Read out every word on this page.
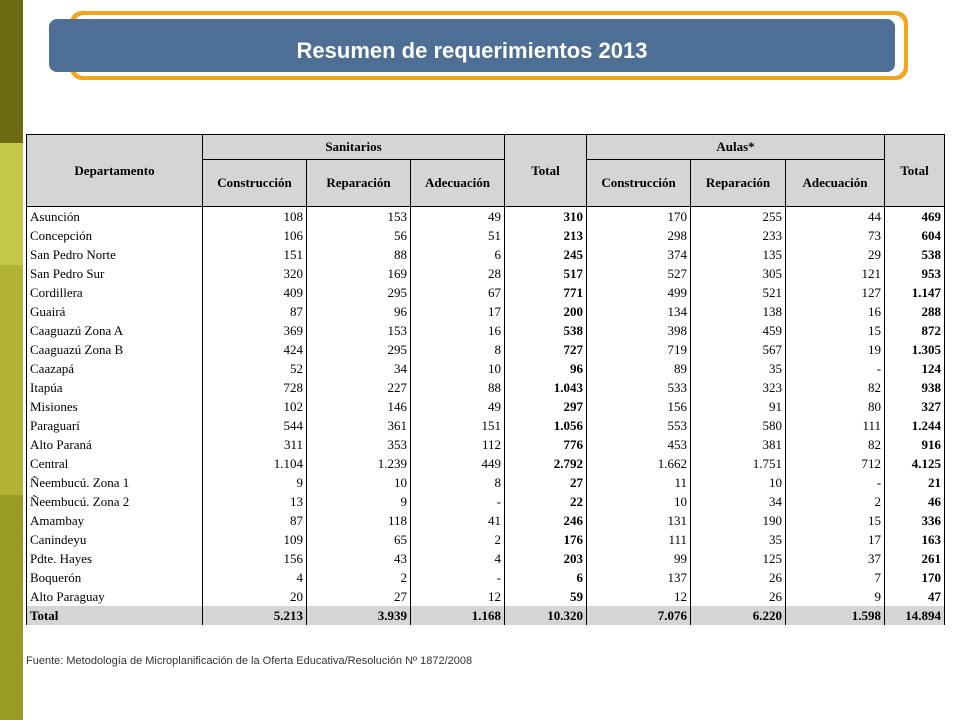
Resumen de requerimientos 2013
Departamento	Sanitarios			Total	Aulas*			Total
	Construcción	Reparación	Adecuación		Construcción	Reparación	Adecuación	
Asunción	108	153	49	310	170	255	44	469
Concepción	106	56	51	213	298	233	73	604
San Pedro Norte	151	88	6	245	374	135	29	538
San Pedro Sur	320	169	28	517	527	305	121	953
Cordillera	409	295	67	771	499	521	127	1.147
Guairá	87	96	17	200	134	138	16	288
Caaguazú Zona A	369	153	16	538	398	459	15	872
Caaguazú Zona B	424	295	8	727	719	567	19	1.305
Caazapá	52	34	10	96	89	35	-	124
Itapúa	728	227	88	1.043	533	323	82	938
Misiones	102	146	49	297	156	91	80	327
Paraguarí	544	361	151	1.056	553	580	111	1.244
Alto Paraná	311	353	112	776	453	381	82	916
Central	1.104	1.239	449	2.792	1.662	1.751	712	4.125
Ñeembucú. Zona 1	9	10	8	27	11	10	-	21
Ñeembucú. Zona 2	13	9	-	22	10	34	2	46
Amambay	87	118	41	246	131	190	15	336
Canindeyu	109	65	2	176	111	35	17	163
Pdte. Hayes	156	43	4	203	99	125	37	261
Boquerón	4	2	-	6	137	26	7	170
Alto Paraguay	20	27	12	59	12	26	9	47
Total	5.213	3.939	1.168	10.320	7.076	6.220	1.598	14.894

Fuente: Metodología de Microplanificación de la Oferta Educativa/Resolución Nº 1872/2008
